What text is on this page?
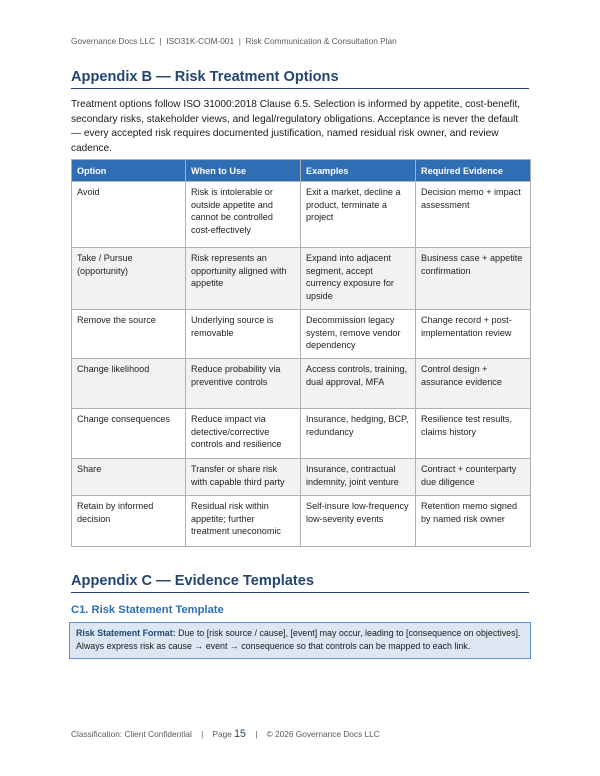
Governance Docs LLC | ISO31K-COM-001 | Risk Communication & Consultation Plan
Appendix B — Risk Treatment Options
Treatment options follow ISO 31000:2018 Clause 6.5. Selection is informed by appetite, cost-benefit, secondary risks, stakeholder views, and legal/regulatory obligations. Acceptance is never the default — every accepted risk requires documented justification, named residual risk owner, and review cadence.
Option	When to Use	Examples	Required Evidence
Avoid	Risk is intolerable or outside appetite and cannot be controlled cost-effectively	Exit a market, decline a product, terminate a project	Decision memo + impact assessment
Take / Pursue (opportunity)	Risk represents an opportunity aligned with appetite	Expand into adjacent segment, accept currency exposure for upside	Business case + appetite confirmation
Remove the source	Underlying source is removable	Decommission legacy system, remove vendor dependency	Change record + post-implementation review
Change likelihood	Reduce probability via preventive controls	Access controls, training, dual approval, MFA	Control design + assurance evidence
Change consequences	Reduce impact via detective/corrective controls and resilience	Insurance, hedging, BCP, redundancy	Resilience test results, claims history
Share	Transfer or share risk with capable third party	Insurance, contractual indemnity, joint venture	Contract + counterparty due diligence
Retain by informed decision	Residual risk within appetite; further treatment uneconomic	Self-insure low-frequency low-severity events	Retention memo signed by named risk owner
Appendix C — Evidence Templates
C1. Risk Statement Template
Risk Statement Format: Due to [risk source / cause], [event] may occur, leading to [consequence on objectives]. Always express risk as cause → event → consequence so that controls can be mapped to each link.
Classification: Client Confidential | Page 15 | © 2026 Governance Docs LLC
